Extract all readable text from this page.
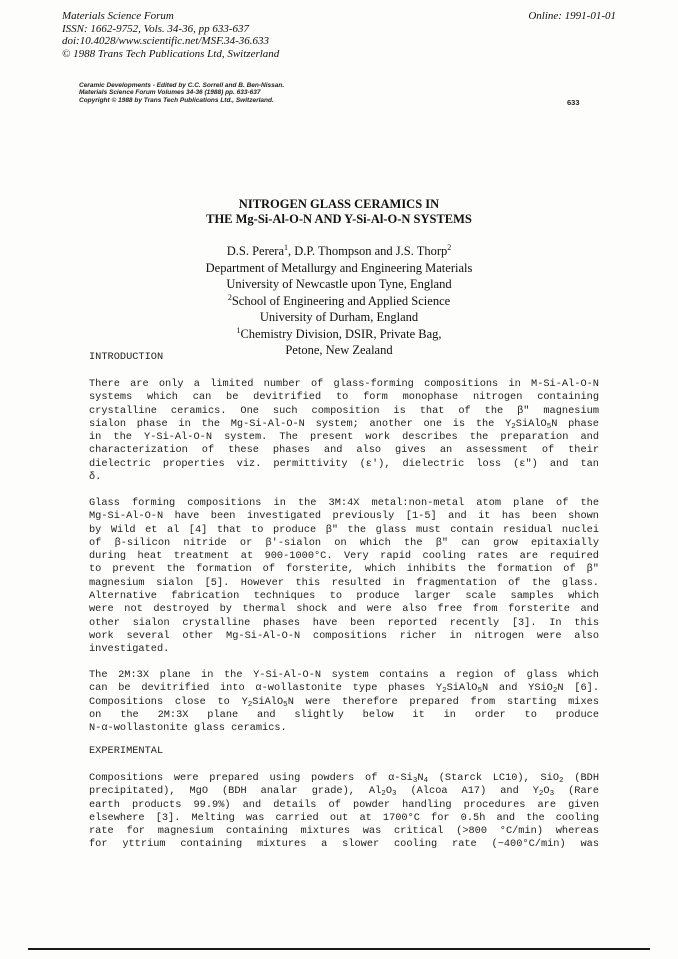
Materials Science Forum
ISSN: 1662-9752, Vols. 34-36, pp 633-637
doi:10.4028/www.scientific.net/MSF.34-36.633
© 1988 Trans Tech Publications Ltd, Switzerland
Online: 1991-01-01
Ceramic Developments - Edited by C.C. Sorrell and B. Ben-Nissan.
Materials Science Forum Volumes 34-36 (1988) pp. 633-637
Copyright © 1988 by Trans Tech Publications Ltd., Switzerland.	633
NITROGEN GLASS CERAMICS IN
THE Mg-Si-Al-O-N AND Y-Si-Al-O-N SYSTEMS
D.S. Perera$^1$, D.P. Thompson and J.S. Thorp$^2$
Department of Metallurgy and Engineering Materials
University of Newcastle upon Tyne, England
$^2$School of Engineering and Applied Science
University of Durham, England
$^1$Chemistry Division, DSIR, Private Bag,
Petone, New Zealand
INTRODUCTION
There are only a limited number of glass-forming compositions in M-Si-Al-O-N
systems which can be devitrified to form monophase nitrogen containing
crystalline ceramics. One such composition is that of the β" magnesium
sialon phase in the Mg-Si-Al-O-N system; another one is the $Y_2SiAlO_5N$ phase
in the Y-Si-Al-O-N system. The present work describes the preparation and
characterization of these phases and also gives an assessment of their
dielectric properties viz. permittivity (ε'), dielectric loss (ε") and tan
δ.
Glass forming compositions in the 3M:4X metal:non-metal atom plane of the
Mg-Si-Al-O-N have been investigated previously [1-5] and it has been shown
by Wild et al [4] that to produce β" the glass must contain residual nuclei
of β-silicon nitride or β'-sialon on which the β" can grow epitaxially
during heat treatment at 900-1000°C. Very rapid cooling rates are required
to prevent the formation of forsterite, which inhibits the formation of β"
magnesium sialon [5]. However this resulted in fragmentation of the glass.
Alternative fabrication techniques to produce larger scale samples which
were not destroyed by thermal shock and were also free from forsterite and
other sialon crystalline phases have been reported recently [3]. In this
work several other Mg-Si-Al-O-N compositions richer in nitrogen were also
investigated.
The 2M:3X plane in the Y-Si-Al-O-N system contains a region of glass which
can be devitrified into α-wollastonite type phases $Y_2SiAlO_5N$ and YSiO$_2$N [6].
Compositions close to $Y_2SiAlO_5N$ were therefore prepared from starting mixes
on the 2M:3X plane and slightly below it in order to produce
N-α-wollastonite glass ceramics.
EXPERIMENTAL
Compositions were prepared using powders of $\alpha-Si_3N_4$ (Starck LC10), SiO$_2$ (BDH
precipitated), MgO (BDH analar grade), $Al_2O_3$ (Alcoa A17) and $Y_2O_3$ (Rare
earth products 99.9%) and details of powder handling procedures are given
elsewhere [3]. Melting was carried out at 1700°C for 0.5h and the cooling
rate for magnesium containing mixtures was critical (>800 °C/min) whereas
for yttrium containing mixtures a slower cooling rate (~400°C/min) was
